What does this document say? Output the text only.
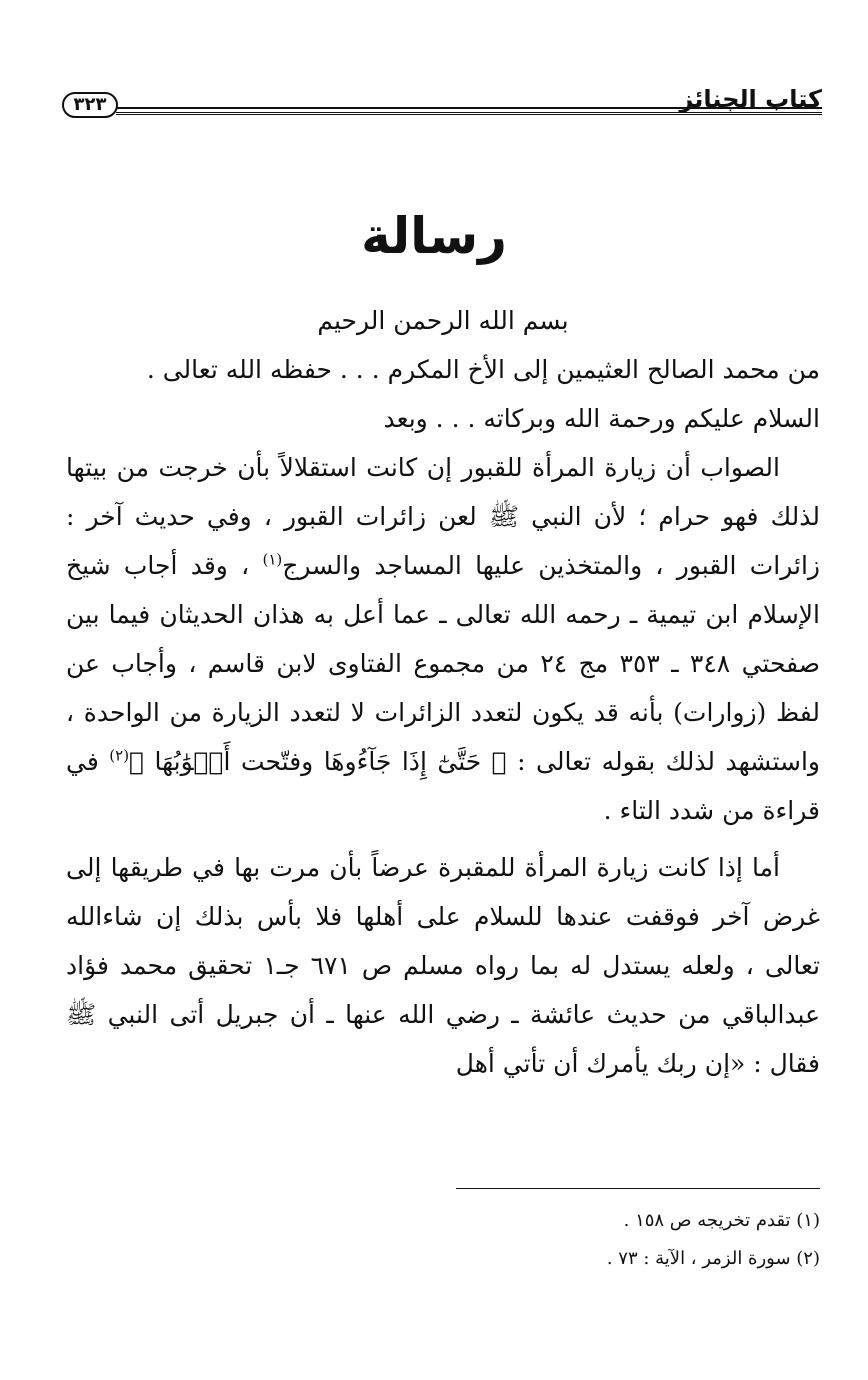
كتاب الجنائز
٣٢٣
رسالة

بسم الله الرحمن الرحيم

من محمد الصالح العثيمين إلى الأخ المكرم . . . حفظه الله تعالى .

السلام عليكم ورحمة الله وبركاته . . . وبعد

الصواب أن زيارة المرأة للقبور إن كانت استقلالاً بأن خرجت من بيتها لذلك فهو حرام ؛ لأن النبي ﷺ لعن زائرات القبور ، وفي حديث آخر : زائرات القبور ، والمتخذين عليها المساجد والسرج$^{(١)}$ ، وقد أجاب شيخ الإسلام ابن تيمية ـ رحمه الله تعالى ـ عما أعل به هذان الحديثان فيما بين صفحتي ٣٤٨ ـ ٣٥٣ مج ٢٤ من مجموع الفتاوى لابن قاسم ، وأجاب عن لفظ (زوارات) بأنه قد يكون لتعدد الزائرات لا لتعدد الزيارة من الواحدة ، واستشهد لذلك بقوله تعالى : ﴿ حَتَّىٰٓ إِذَا جَآءُوهَا وفتّحت أَبۡوَٰبُهَا ﴾$^{(٢)}$ في قراءة من شدد التاء .

أما إذا كانت زيارة المرأة للمقبرة عرضاً بأن مرت بها في طريقها إلى غرض آخر فوقفت عندها للسلام على أهلها فلا بأس بذلك إن شاءالله تعالى ، ولعله يستدل له بما رواه مسلم ص ٦٧١ جـ١ تحقيق محمد فؤاد عبدالباقي من حديث عائشة ـ رضي الله عنها ـ أن جبريل أتى النبي ﷺ فقال : «إن ربك يأمرك أن تأتي أهل

(١) تقدم تخريجه ص ١٥٨ .

(٢) سورة الزمر ، الآية : ٧٣ .
